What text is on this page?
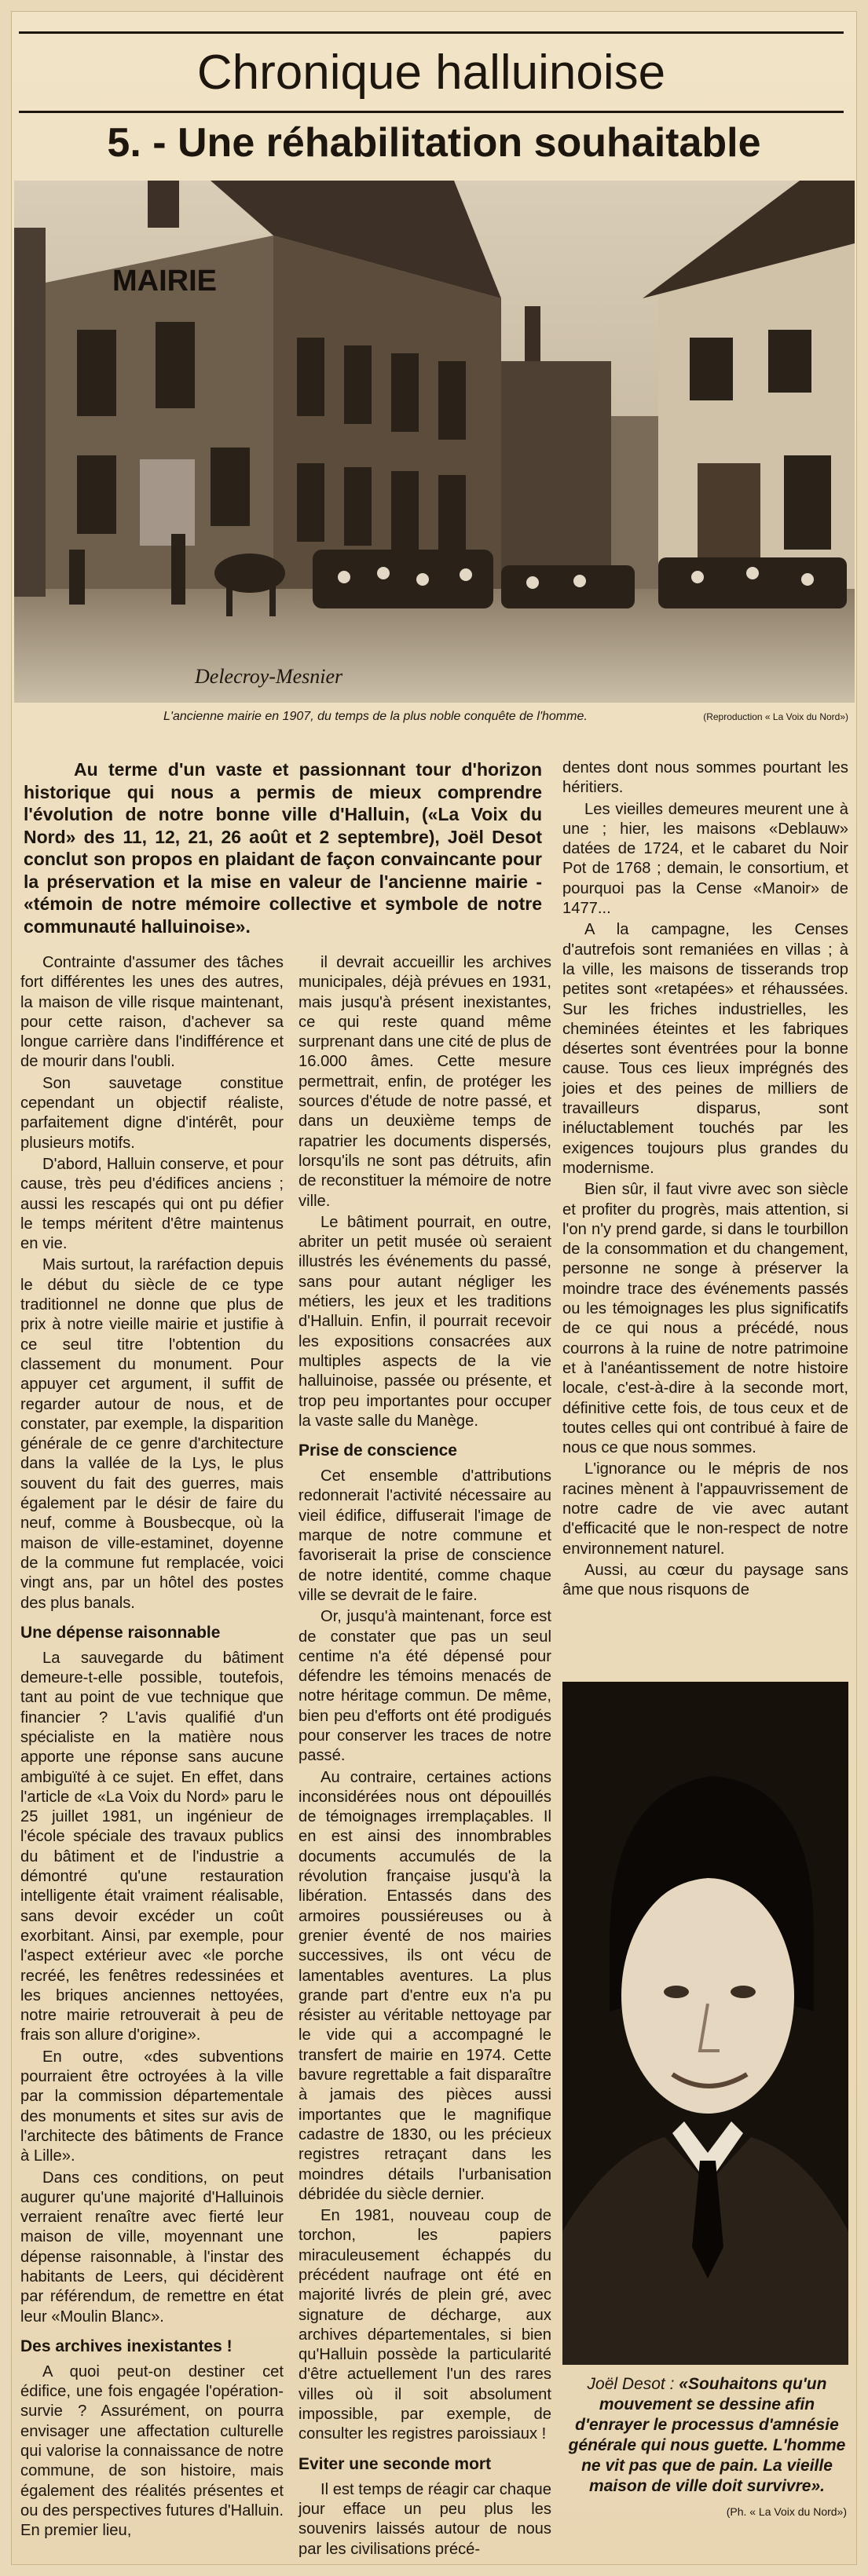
Chronique halluinoise
5. - Une réhabilitation souhaitable
MAIRIE
Delecroy-Mesnier
L'ancienne mairie en 1907, du temps de la plus noble conquête de l'homme.	(Reproduction « La Voix du Nord»)
Au terme d'un vaste et passionnant tour d'horizon historique qui nous a permis de mieux comprendre l'évolution de notre bonne ville d'Halluin, («La Voix du Nord» des 11, 12, 21, 26 août et 2 septembre), Joël Desot conclut son propos en plaidant de façon convaincante pour la préservation et la mise en valeur de l'ancienne mairie - «témoin de notre mémoire collective et symbole de notre communauté halluinoise».

Contrainte d'assumer des tâches fort différentes les unes des autres, la maison de ville risque maintenant, pour cette raison, d'achever sa longue carrière dans l'indifférence et de mourir dans l'oubli.

Son sauvetage constitue cependant un objectif réaliste, parfaitement digne d'intérêt, pour plusieurs motifs.

D'abord, Halluin conserve, et pour cause, très peu d'édifices anciens ; aussi les rescapés qui ont pu défier le temps méritent d'être maintenus en vie.

Mais surtout, la raréfaction depuis le début du siècle de ce type traditionnel ne donne que plus de prix à notre vieille mairie et justifie à ce seul titre l'obtention du classement du monument. Pour appuyer cet argument, il suffit de regarder autour de nous, et de constater, par exemple, la disparition générale de ce genre d'architecture dans la vallée de la Lys, le plus souvent du fait des guerres, mais également par le désir de faire du neuf, comme à Bousbecque, où la maison de ville-estaminet, doyenne de la commune fut remplacée, voici vingt ans, par un hôtel des postes des plus banals.

Une dépense raisonnable

La sauvegarde du bâtiment demeure-t-elle possible, toutefois, tant au point de vue technique que financier ? L'avis qualifié d'un spécialiste en la matière nous apporte une réponse sans aucune ambiguïté à ce sujet. En effet, dans l'article de «La Voix du Nord» paru le 25 juillet 1981, un ingénieur de l'école spéciale des travaux publics du bâtiment et de l'industrie a démontré qu'une restauration intelligente était vraiment réalisable, sans devoir excéder un coût exorbitant. Ainsi, par exemple, pour l'aspect extérieur avec «le porche recréé, les fenêtres redessinées et les briques anciennes nettoyées, notre mairie retrouverait à peu de frais son allure d'origine».

En outre, «des subventions pourraient être octroyées à la ville par la commission départementale des monuments et sites sur avis de l'architecte des bâtiments de France à Lille».

Dans ces conditions, on peut augurer qu'une majorité d'Halluinois verraient renaître avec fierté leur maison de ville, moyennant une dépense raisonnable, à l'instar des habitants de Leers, qui décidèrent par référendum, de remettre en état leur «Moulin Blanc».

Des archives inexistantes !

A quoi peut-on destiner cet édifice, une fois engagée l'opération-survie ? Assurément, on pourra envisager une affectation culturelle qui valorise la connaissance de notre commune, de son histoire, mais également des réalités présentes et ou des perspectives futures d'Halluin. En premier lieu,

il devrait accueillir les archives municipales, déjà prévues en 1931, mais jusqu'à présent inexistantes, ce qui reste quand même surprenant dans une cité de plus de 16.000 âmes. Cette mesure permettrait, enfin, de protéger les sources d'étude de notre passé, et dans un deuxième temps de rapatrier les documents dispersés, lorsqu'ils ne sont pas détruits, afin de reconstituer la mémoire de notre ville.

Le bâtiment pourrait, en outre, abriter un petit musée où seraient illustrés les événements du passé, sans pour autant négliger les métiers, les jeux et les traditions d'Halluin. Enfin, il pourrait recevoir les expositions consacrées aux multiples aspects de la vie halluinoise, passée ou présente, et trop peu importantes pour occuper la vaste salle du Manège.

Prise de conscience

Cet ensemble d'attributions redonnerait l'activité nécessaire au vieil édifice, diffuserait l'image de marque de notre commune et favoriserait la prise de conscience de notre identité, comme chaque ville se devrait de le faire.

Or, jusqu'à maintenant, force est de constater que pas un seul centime n'a été dépensé pour défendre les témoins menacés de notre héritage commun. De même, bien peu d'efforts ont été prodigués pour conserver les traces de notre passé.

Au contraire, certaines actions inconsidérées nous ont dépouillés de témoignages irremplaçables. Il en est ainsi des innombrables documents accumulés de la révolution française jusqu'à la libération. Entassés dans des armoires poussiéreuses ou à grenier éventé de nos mairies successives, ils ont vécu de lamentables aventures. La plus grande part d'entre eux n'a pu résister au véritable nettoyage par le vide qui a accompagné le transfert de mairie en 1974. Cette bavure regrettable a fait disparaître à jamais des pièces aussi importantes que le magnifique cadastre de 1830, ou les précieux registres retraçant dans les moindres détails l'urbanisation débridée du siècle dernier.

En 1981, nouveau coup de torchon, les papiers miraculeusement échappés du précédent naufrage ont été en majorité livrés de plein gré, avec signature de décharge, aux archives départementales, si bien qu'Halluin possède la particularité d'être actuellement l'un des rares villes où il soit absolument impossible, par exemple, de consulter les registres paroissiaux !

Eviter une seconde mort

Il est temps de réagir car chaque jour efface un peu plus les souvenirs laissés autour de nous par les civilisations précé-

dentes dont nous sommes pourtant les héritiers.

Les vieilles demeures meurent une à une ; hier, les maisons «Deblauw» datées de 1724, et le cabaret du Noir Pot de 1768 ; demain, le consortium, et pourquoi pas la Cense «Manoir» de 1477...

A la campagne, les Censes d'autrefois sont remaniées en villas ; à la ville, les maisons de tisserands trop petites sont «retapées» et réhaussées. Sur les friches industrielles, les cheminées éteintes et les fabriques désertes sont éventrées pour la bonne cause. Tous ces lieux imprégnés des joies et des peines de milliers de travailleurs disparus, sont inéluctablement touchés par les exigences toujours plus grandes du modernisme.

Bien sûr, il faut vivre avec son siècle et profiter du progrès, mais attention, si l'on n'y prend garde, si dans le tourbillon de la consommation et du changement, personne ne songe à préserver la moindre trace des événements passés ou les témoignages les plus significatifs de ce qui nous a précédé, nous courrons à la ruine de notre patrimoine et à l'anéantissement de notre histoire locale, c'est-à-dire à la seconde mort, définitive cette fois, de tous ceux et de toutes celles qui ont contribué à faire de nous ce que nous sommes.

L'ignorance ou le mépris de nos racines mènent à l'appauvrissement de notre cadre de vie avec autant d'efficacité que le non-respect de notre environnement naturel.

Aussi, au cœur du paysage sans âme que nous risquons de

Joël Desot : «Souhaitons qu'un mouvement se dessine afin d'enrayer le processus d'amnésie générale qui nous guette. L'homme ne vit pas que de pain. La vieille maison de ville doit survivre».
(Ph. « La Voix du Nord»)
